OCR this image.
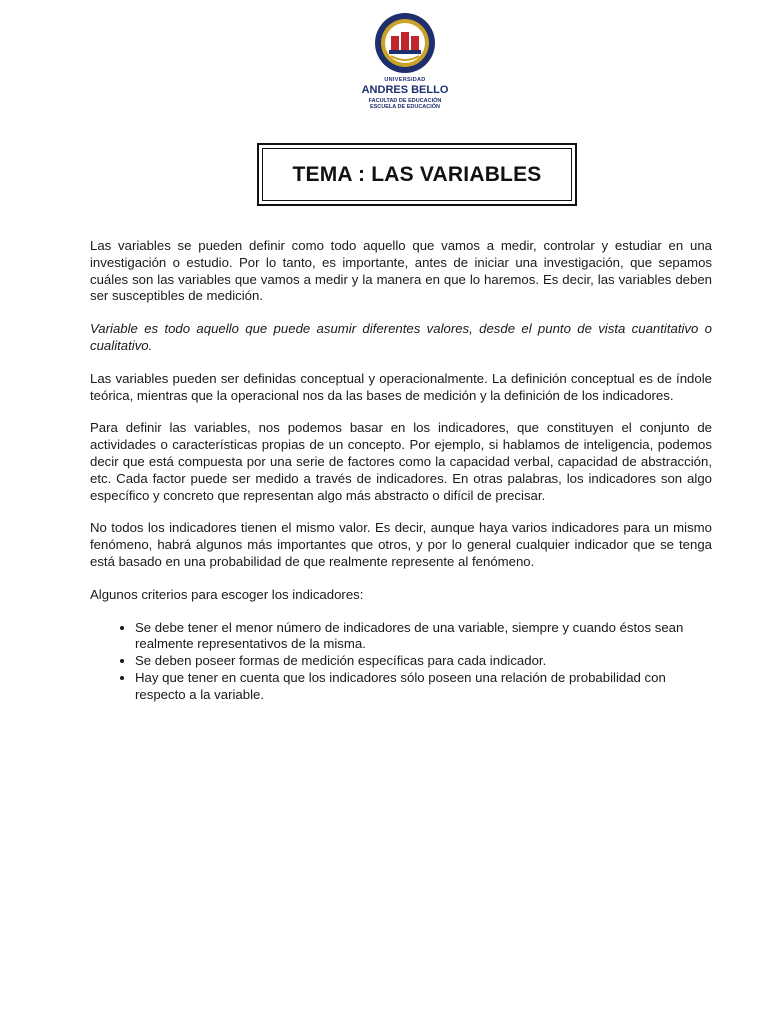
UNIVERSIDAD
ANDRES BELLO
FACULTAD DE EDUCACIÓN
ESCUELA DE EDUCACIÓN
TEMA : LAS VARIABLES

Las variables se pueden definir como todo aquello que vamos a medir, controlar y estudiar en una investigación o estudio. Por lo tanto, es importante, antes de iniciar una investigación, que sepamos cuáles son las variables que vamos a medir y la manera en que lo haremos. Es decir, las variables deben ser susceptibles de medición.

Variable es todo aquello que puede asumir diferentes valores, desde el punto de vista cuantitativo o cualitativo.

Las variables pueden ser definidas conceptual y operacionalmente. La definición conceptual es de índole teórica, mientras que la operacional nos da las bases de medición y la definición de los indicadores.

Para definir las variables, nos podemos basar en los indicadores, que constituyen el conjunto de actividades o características propias de un concepto. Por ejemplo, si hablamos de inteligencia, podemos decir que está compuesta por una serie de factores como la capacidad verbal, capacidad de abstracción, etc. Cada factor puede ser medido a través de indicadores. En otras palabras, los indicadores son algo específico y concreto que representan algo más abstracto o difícil de precisar.

No todos los indicadores tienen el mismo valor. Es decir, aunque haya varios indicadores para un mismo fenómeno, habrá algunos más importantes que otros, y por lo general cualquier indicador que se tenga está basado en una probabilidad de que realmente represente al fenómeno.

Algunos criterios para escoger los indicadores:

• Se debe tener el menor número de indicadores de una variable, siempre y cuando éstos sean realmente representativos de la misma.
• Se deben poseer formas de medición específicas para cada indicador.
• Hay que tener en cuenta que los indicadores sólo poseen una relación de probabilidad con respecto a la variable.
